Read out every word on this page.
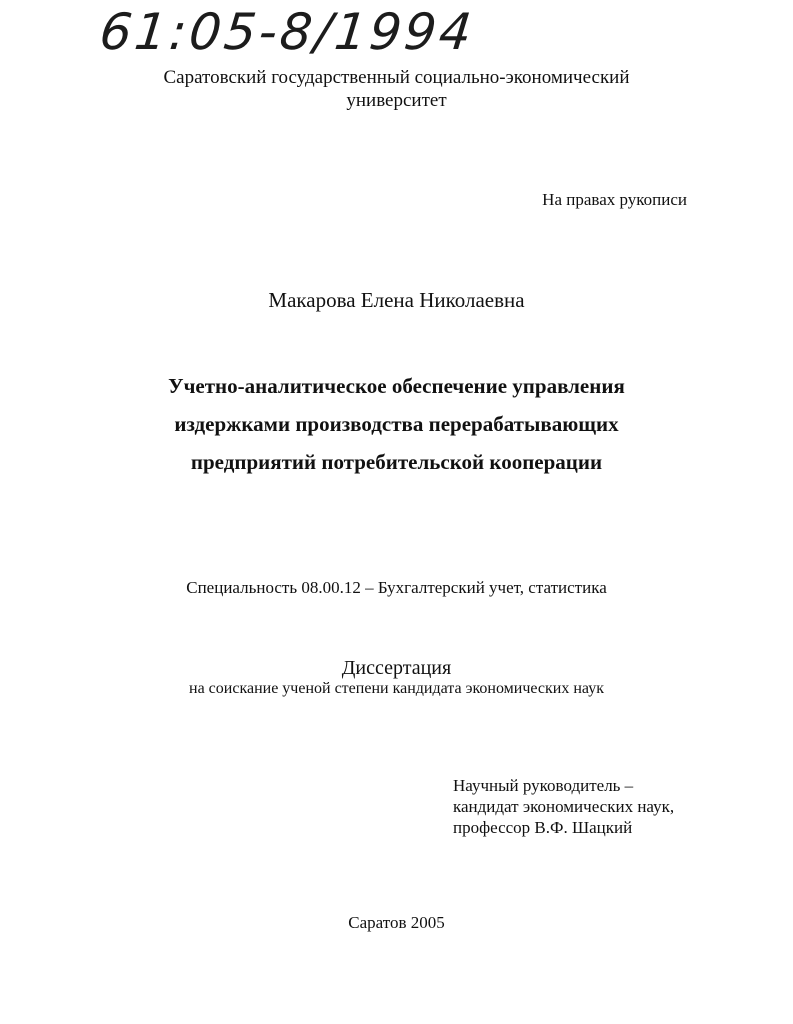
61:05-8/1994
Саратовский государственный социально-экономический
университет
На правах рукописи
Макарова Елена Николаевна
Учетно-аналитическое обеспечение управления
издержками производства перерабатывающих
предприятий потребительской кооперации
Специальность 08.00.12 – Бухгалтерский учет, статистика
Диссертация
на соискание ученой степени кандидата экономических наук
Научный руководитель –
кандидат экономических наук,
профессор В.Ф. Шацкий
Саратов 2005
